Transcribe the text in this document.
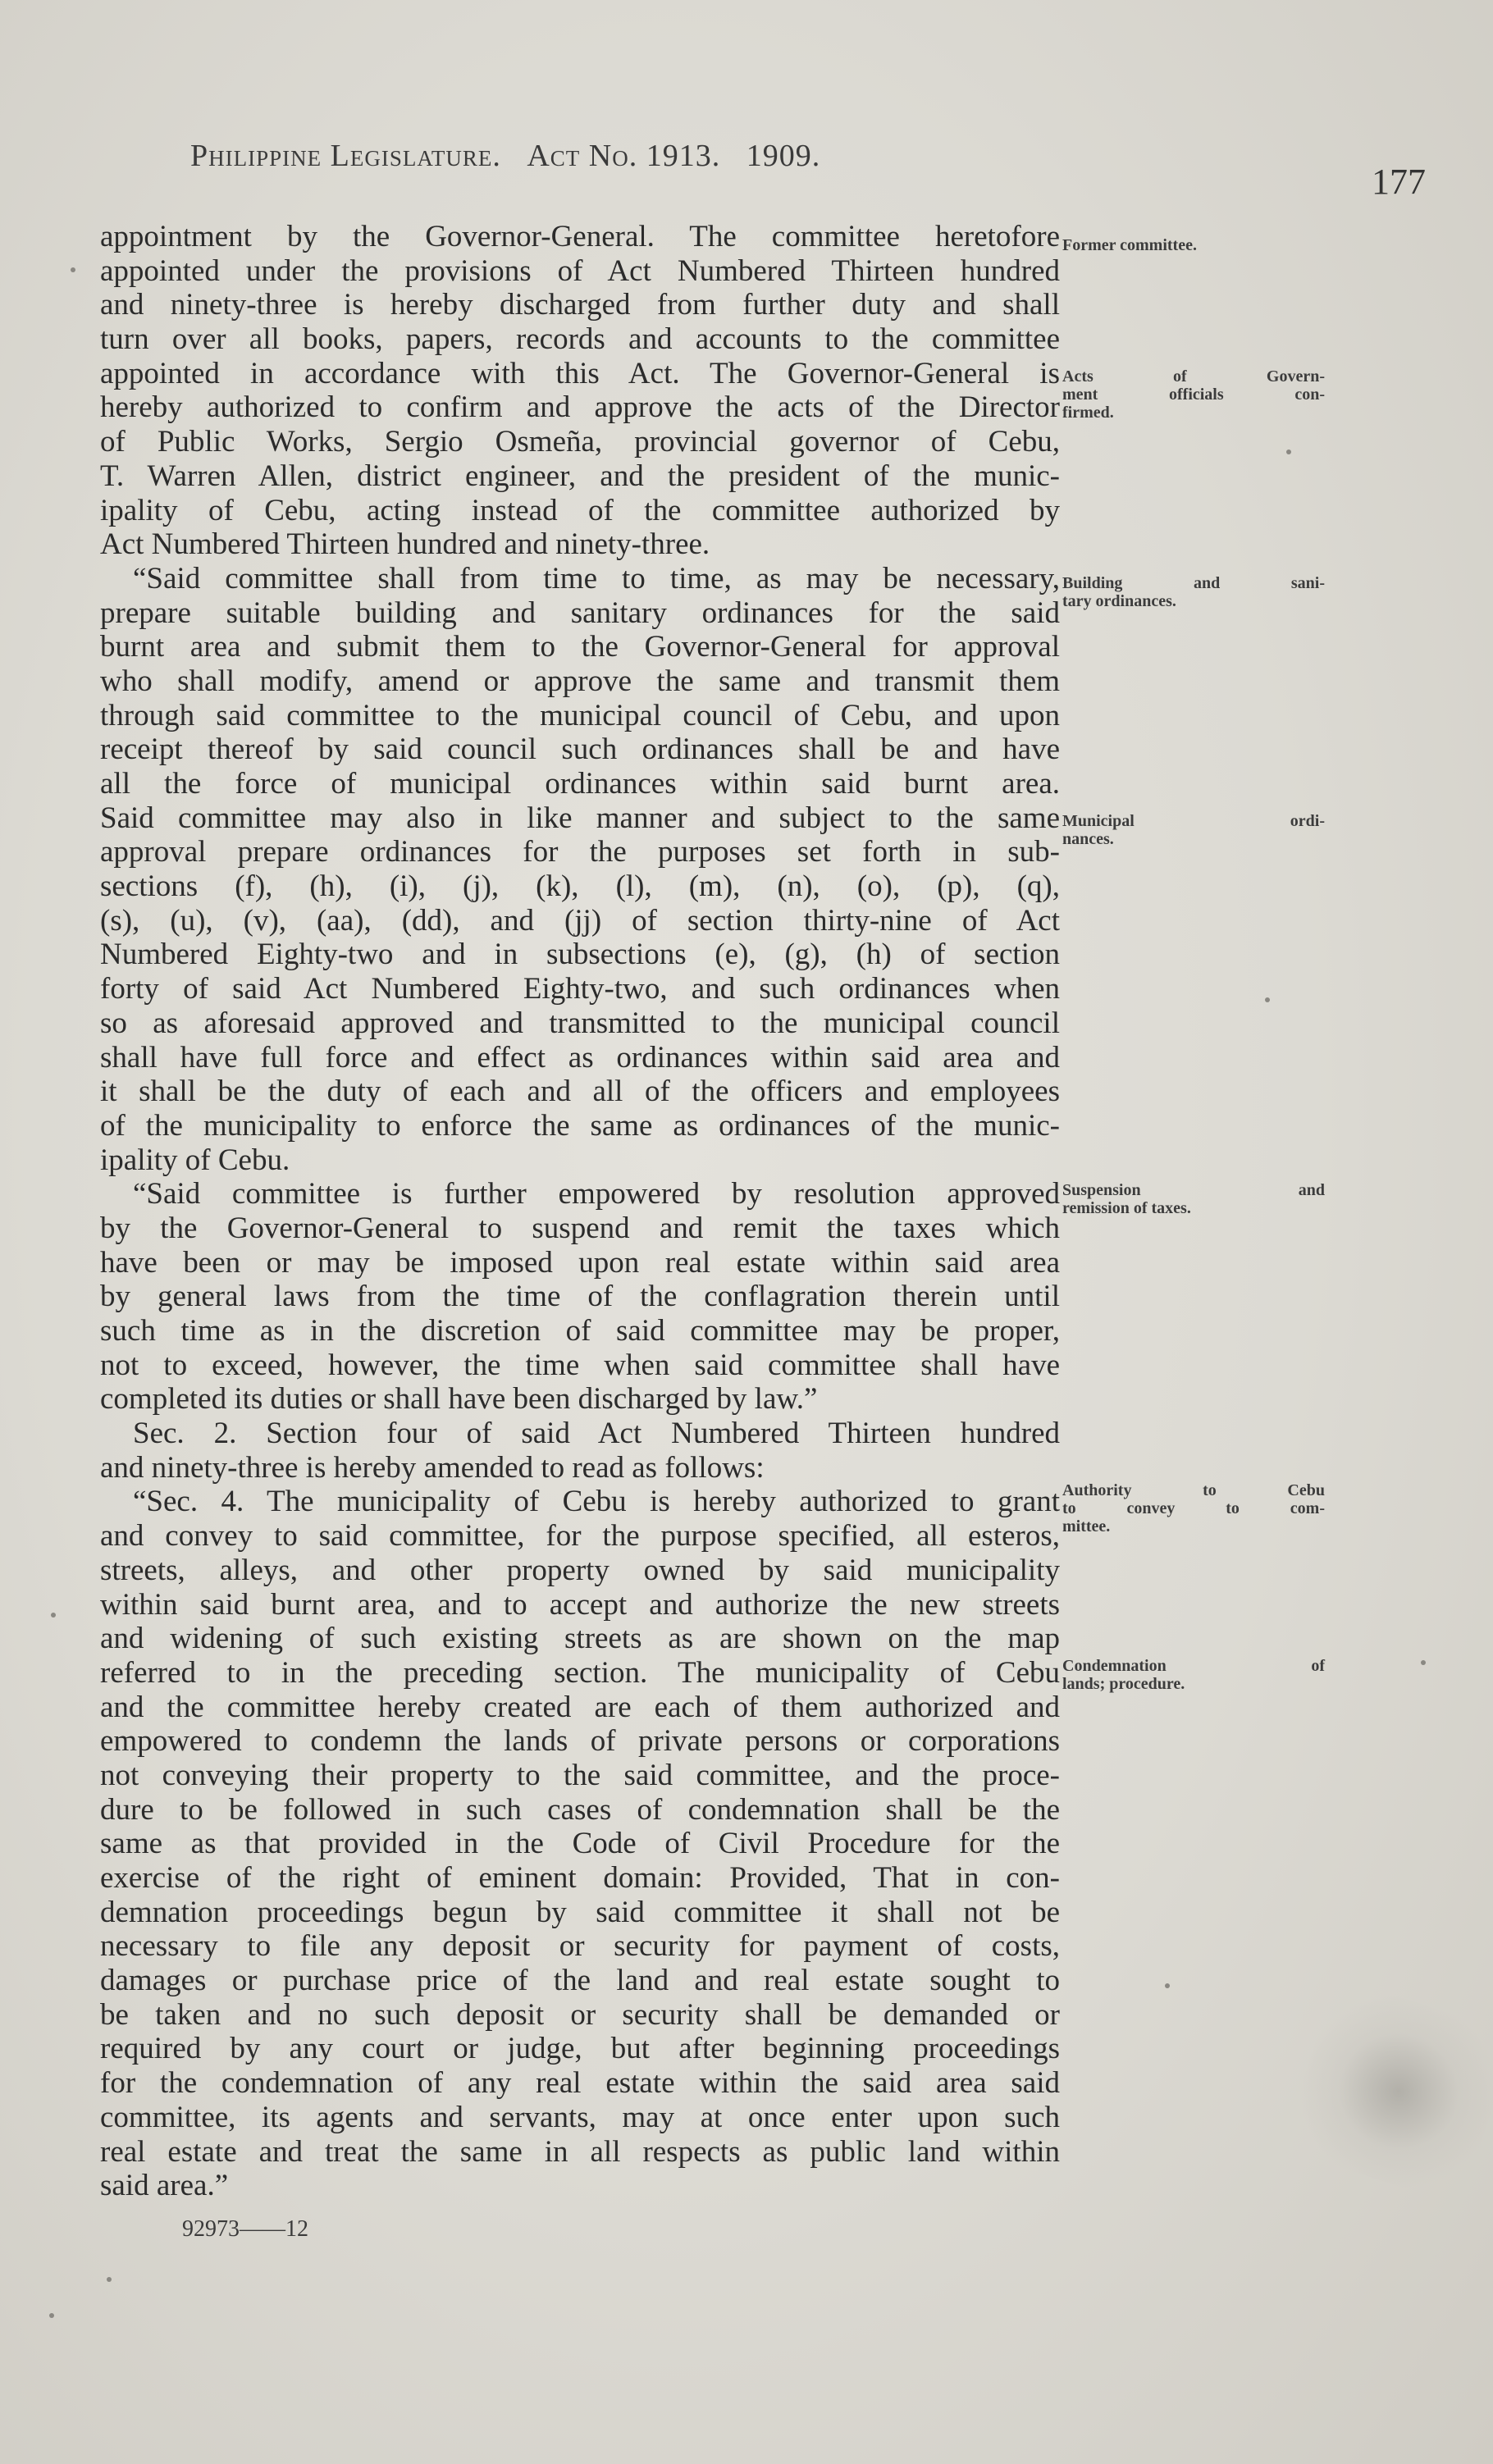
Philippine Legislature. Act No. 1913. 1909.
177
appointment by the Governor-General. The committee heretofore
appointed under the provisions of Act Numbered Thirteen hundred
and ninety-three is hereby discharged from further duty and shall
turn over all books, papers, records and accounts to the committee
appointed in accordance with this Act. The Governor-General is
hereby authorized to confirm and approve the acts of the Director
of Public Works, Sergio Osmeña, provincial governor of Cebu,
T. Warren Allen, district engineer, and the president of the munic-
ipality of Cebu, acting instead of the committee authorized by
Act Numbered Thirteen hundred and ninety-three.
“Said committee shall from time to time, as may be necessary,
prepare suitable building and sanitary ordinances for the said
burnt area and submit them to the Governor-General for approval
who shall modify, amend or approve the same and transmit them
through said committee to the municipal council of Cebu, and upon
receipt thereof by said council such ordinances shall be and have
all the force of municipal ordinances within said burnt area.
Said committee may also in like manner and subject to the same
approval prepare ordinances for the purposes set forth in sub-
sections (f), (h), (i), (j), (k), (l), (m), (n), (o), (p), (q),
(s), (u), (v), (aa), (dd), and (jj) of section thirty-nine of Act
Numbered Eighty-two and in subsections (e), (g), (h) of section
forty of said Act Numbered Eighty-two, and such ordinances when
so as aforesaid approved and transmitted to the municipal council
shall have full force and effect as ordinances within said area and
it shall be the duty of each and all of the officers and employees
of the municipality to enforce the same as ordinances of the munic-
ipality of Cebu.
“Said committee is further empowered by resolution approved
by the Governor-General to suspend and remit the taxes which
have been or may be imposed upon real estate within said area
by general laws from the time of the conflagration therein until
such time as in the discretion of said committee may be proper,
not to exceed, however, the time when said committee shall have
completed its duties or shall have been discharged by law.”
Sec. 2. Section four of said Act Numbered Thirteen hundred
and ninety-three is hereby amended to read as follows:
“Sec. 4. The municipality of Cebu is hereby authorized to grant
and convey to said committee, for the purpose specified, all esteros,
streets, alleys, and other property owned by said municipality
within said burnt area, and to accept and authorize the new streets
and widening of such existing streets as are shown on the map
referred to in the preceding section. The municipality of Cebu
and the committee hereby created are each of them authorized and
empowered to condemn the lands of private persons or corporations
not conveying their property to the said committee, and the proce-
dure to be followed in such cases of condemnation shall be the
same as that provided in the Code of Civil Procedure for the
exercise of the right of eminent domain: Provided, That in con-
demnation proceedings begun by said committee it shall not be
necessary to file any deposit or security for payment of costs,
damages or purchase price of the land and real estate sought to
be taken and no such deposit or security shall be demanded or
required by any court or judge, but after beginning proceedings
for the condemnation of any real estate within the said area said
committee, its agents and servants, may at once enter upon such
real estate and treat the same in all respects as public land within
said area.”
Former committee.
Acts of Govern-
ment officials con-
firmed.
Building and sani-
tary ordinances.
Municipal ordi-
nances.
Suspension and
remission of taxes.
Authority to Cebu
to convey to com-
mittee.
Condemnation of
lands; procedure.
92973——12
